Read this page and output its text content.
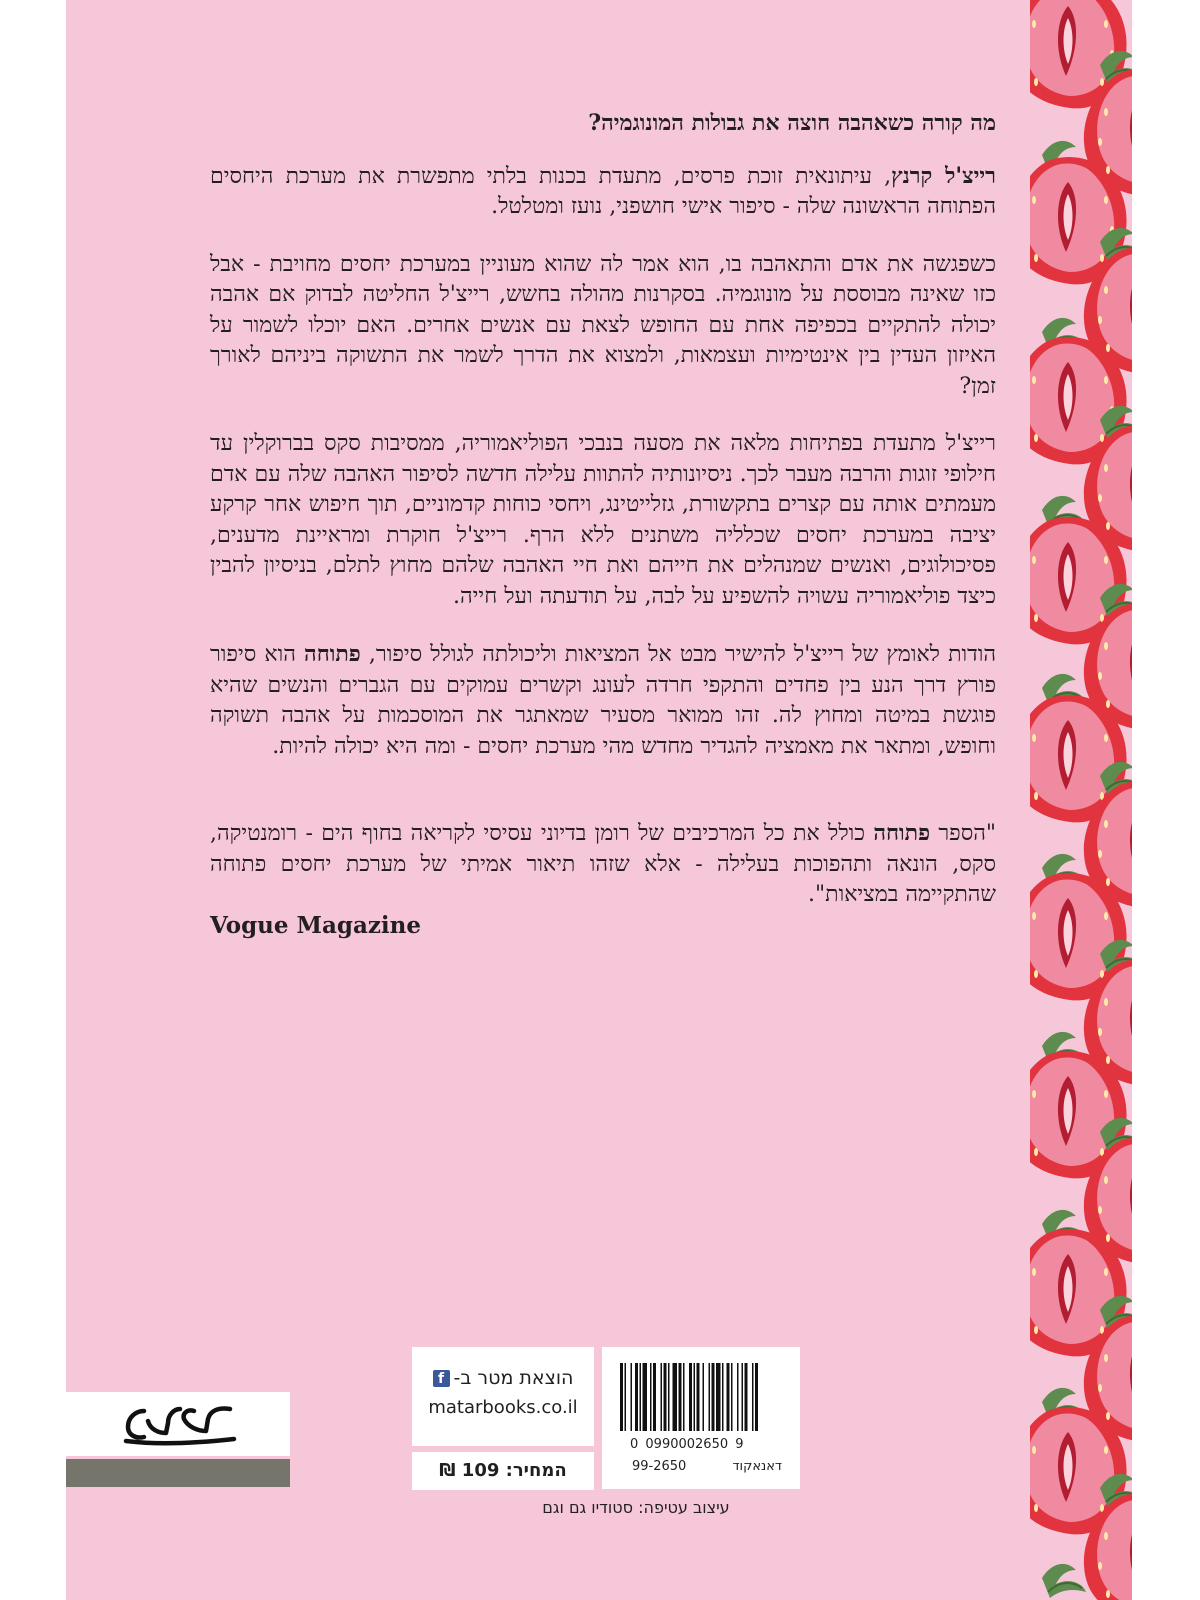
מה קורה כשאהבה חוצה את גבולות המונוגמיה?

רייצ'ל קרנץ, עיתונאית זוכת פרסים, מתעדת בכנות בלתי מתפשרת את מערכת היחסים הפתוחה הראשונה שלה - סיפור אישי חושפני, נועז ומטלטל.

כשפגשה את אדם והתאהבה בו, הוא אמר לה שהוא מעוניין במערכת יחסים מחויבת - אבל כזו שאינה מבוססת על מונוגמיה. בסקרנות מהולה בחשש, רייצ'ל החליטה לבדוק אם אהבה יכולה להתקיים בכפיפה אחת עם החופש לצאת עם אנשים אחרים. האם יוכלו לשמור על האיזון העדין בין אינטימיות ועצמאות, ולמצוא את הדרך לשמר את התשוקה ביניהם לאורך זמן?

רייצ'ל מתעדת בפתיחות מלאה את מסעה בנבכי הפוליאמוריה, ממסיבות סקס בברוקלין עד חילופי זוגות והרבה מעבר לכך. ניסיונותיה להתוות עלילה חדשה לסיפור האהבה שלה עם אדם מעמתים אותה עם קצרים בתקשורת, גזלייטינג, ויחסי כוחות קדמוניים, תוך חיפוש אחר קרקע יציבה במערכת יחסים שכלליה משתנים ללא הרף. רייצ'ל חוקרת ומראיינת מדענים, פסיכולוגים, ואנשים שמנהלים את חייהם ואת חיי האהבה שלהם מחוץ לתלם, בניסיון להבין כיצד פוליאמוריה עשויה להשפיע על לבה, על תודעתה ועל חייה.

הודות לאומץ של רייצ'ל להישיר מבט אל המציאות וליכולתה לגולל סיפור, פתוחה הוא סיפור פורץ דרך הנע בין פחדים והתקפי חרדה לעונג וקשרים עמוקים עם הגברים והנשים שהיא פוגשת במיטה ומחוץ לה. זהו ממואר מסעיר שמאתגר את המוסכמות על אהבה תשוקה וחופש, ומתאר את מאמציה להגדיר מחדש מהי מערכת יחסים - ומה היא יכולה להיות.

"הספר פתוחה כולל את כל המרכיבים של רומן בדיוני עסיסי לקריאה בחוף הים - רומנטיקה, סקס, הונאה ותהפוכות בעלילה - אלא שזהו תיאור אמיתי של מערכת יחסים פתוחה שהתקיימה במציאות".

Vogue Magazine
הוצאת מטר ב-
f
matarbooks.co.il
המחיר: 109 ₪
0 0990002650 9
99-2650	דאנאקוד
עיצוב עטיפה: סטודיו גם וגם
